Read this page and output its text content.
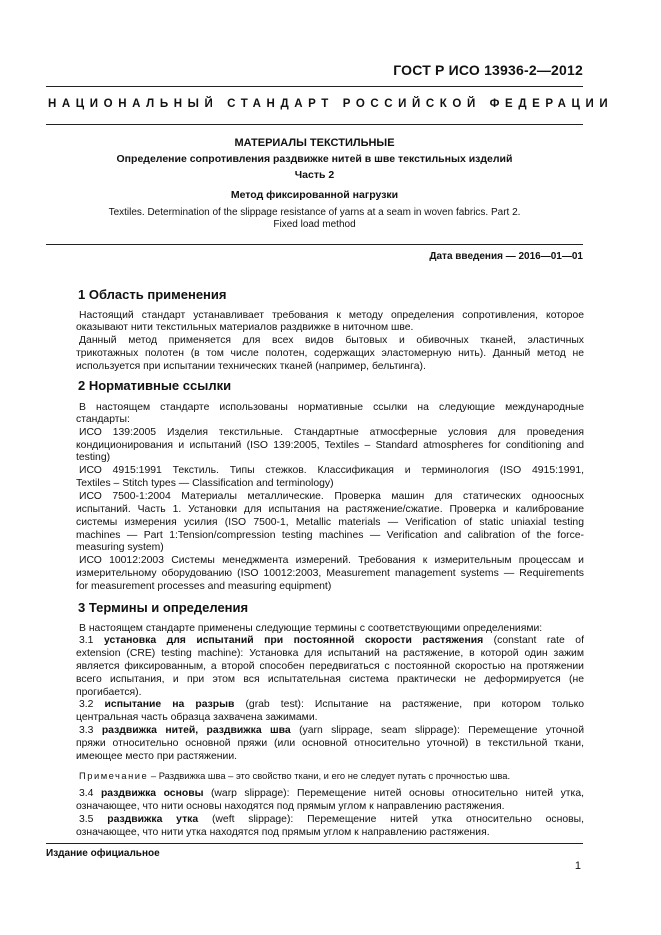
ГОСТ Р ИСО 13936-2—2012
НАЦИОНАЛЬНЫЙ СТАНДАРТ РОССИЙСКОЙ ФЕДЕРАЦИИ
МАТЕРИАЛЫ ТЕКСТИЛЬНЫЕ
Определение сопротивления раздвижке нитей в шве текстильных изделий
Часть 2
Метод фиксированной нагрузки
Textiles. Determination of the slippage resistance of yarns at a seam in woven fabrics. Part 2.
Fixed load method
Дата введения — 2016—01—01
1 Область применения
Настоящий стандарт устанавливает требования к методу определения сопротивления, которое
оказывают нити текстильных материалов раздвижке в ниточном шве.
Данный метод применяется для всех видов бытовых и обивочных тканей, эластичных
трикотажных полотен (в том числе полотен, содержащих эластомерную нить). Данный метод не
используется при испытании технических тканей (например, бельтинга).
2 Нормативные ссылки
В настоящем стандарте использованы нормативные ссылки на следующие международные
стандарты:
ИСО 139:2005 Изделия текстильные. Стандартные атмосферные условия для проведения
кондиционирования и испытаний (ISO 139:2005, Textiles – Standard atmospheres for conditioning and
testing)
ИСО 4915:1991 Текстиль. Типы стежков. Классификация и терминология (ISO 4915:1991,
Textiles – Stitch types — Classification and terminology)
ИСО 7500-1:2004 Материалы металлические. Проверка машин для статических одноосных
испытаний. Часть 1. Установки для испытания на растяжение/сжатие. Проверка и калибрование
системы измерения усилия (ISO 7500-1, Metallic materials — Verification of static uniaxial testing
machines — Part 1:Tension/compression testing machines — Verification and calibration of the force-
measuring system)
ИСО 10012:2003 Системы менеджмента измерений. Требования к измерительным процессам и
измерительному оборудованию (ISO 10012:2003, Measurement management systems — Requirements
for measurement processes and measuring equipment)
3 Термины и определения
В настоящем стандарте применены следующие термины с соответствующими определениями:
3.1 установка для испытаний при постоянной скорости растяжения (constant rate of
extension (CRE) testing machine): Установка для испытаний на растяжение, в которой один зажим
является фиксированным, а второй способен передвигаться с постоянной скоростью на протяжении
всего испытания, и при этом вся испытательная система практически не деформируется (не
прогибается).
3.2 испытание на разрыв (grab test): Испытание на растяжение, при котором только
центральная часть образца захвачена зажимами.
3.3 раздвижка нитей, раздвижка шва (yarn slippage, seam slippage): Перемещение уточной
пряжи относительно основной пряжи (или основной относительно уточной) в текстильной ткани,
имеющее место при растяжении.
Примечание – Раздвижка шва – это свойство ткани, и его не следует путать с прочностью шва.
3.4 раздвижка основы (warp slippage): Перемещение нитей основы относительно нитей утка,
означающее, что нити основы находятся под прямым углом к направлению растяжения.
3.5 раздвижка утка (weft slippage): Перемещение нитей утка относительно основы,
означающее, что нити утка находятся под прямым углом к направлению растяжения.
Издание официальное
1
